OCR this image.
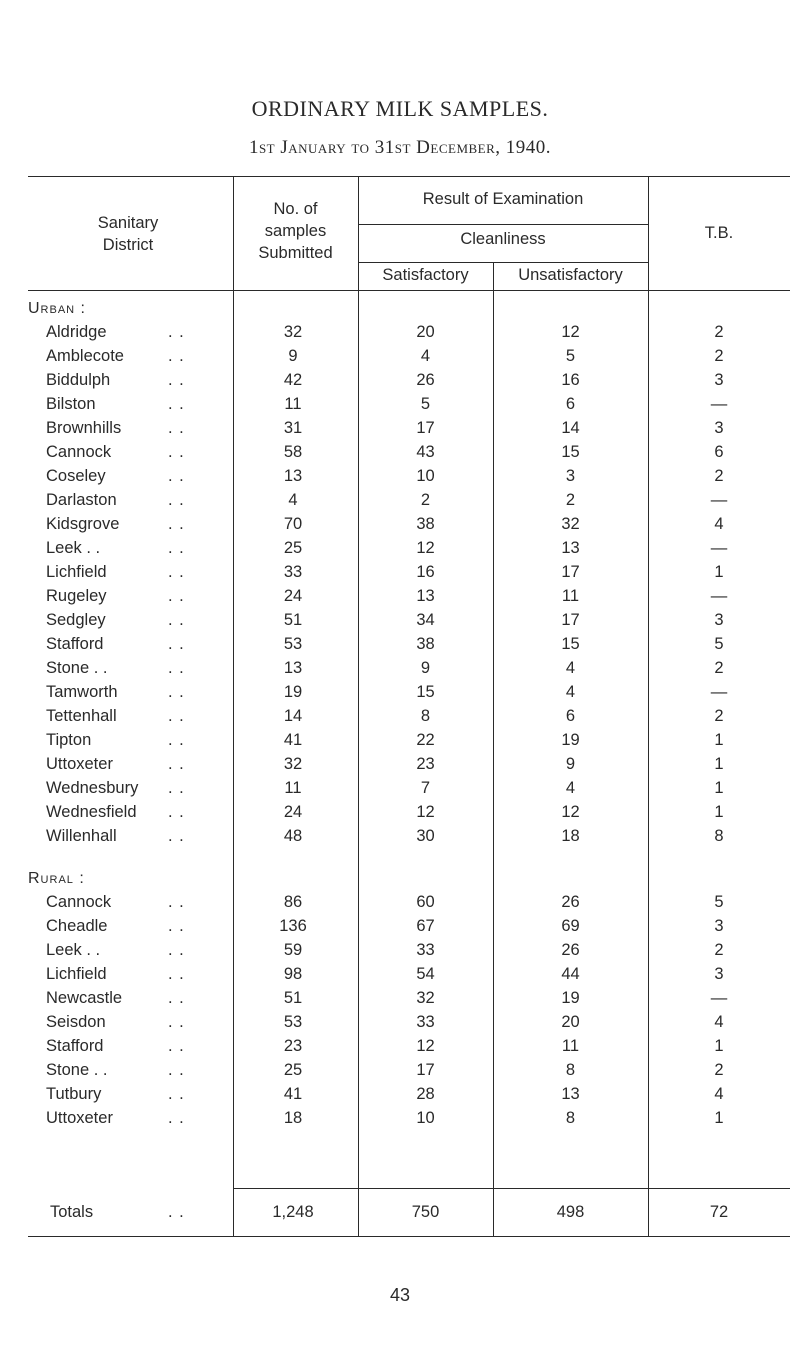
ORDINARY MILK SAMPLES.
1st January to 31st December, 1940.
Sanitary
District
No. of
samples
Submitted
Result of Examination
Cleanliness
Satisfactory	Unsatisfactory
T.B.
Urban :
Aldridge	. .	32	20	12	2
Amblecote	. .	9	4	5	2
Biddulph	. .	42	26	16	3
Bilston	. .	11	5	6	—
Brownhills	. .	31	17	14	3
Cannock	. .	58	43	15	6
Coseley	. .	13	10	3	2
Darlaston	. .	4	2	2	—
Kidsgrove	. .	70	38	32	4
Leek . .	. .	25	12	13	—
Lichfield	. .	33	16	17	1
Rugeley	. .	24	13	11	—
Sedgley	. .	51	34	17	3
Stafford	. .	53	38	15	5
Stone . .	. .	13	9	4	2
Tamworth	. .	19	15	4	—
Tettenhall	. .	14	8	6	2
Tipton	. .	41	22	19	1
Uttoxeter	. .	32	23	9	1
Wednesbury	. .	11	7	4	1
Wednesfield	. .	24	12	12	1
Willenhall	. .	48	30	18	8
Rural :
Cannock	. .	86	60	26	5
Cheadle	. .	136	67	69	3
Leek . .	. .	59	33	26	2
Lichfield	. .	98	54	44	3
Newcastle	. .	51	32	19	—
Seisdon	. .	53	33	20	4
Stafford	. .	23	12	11	1
Stone . .	. .	25	17	8	2
Tutbury	. .	41	28	13	4
Uttoxeter	. .	18	10	8	1
Totals	. .	1,248	750	498	72
43
